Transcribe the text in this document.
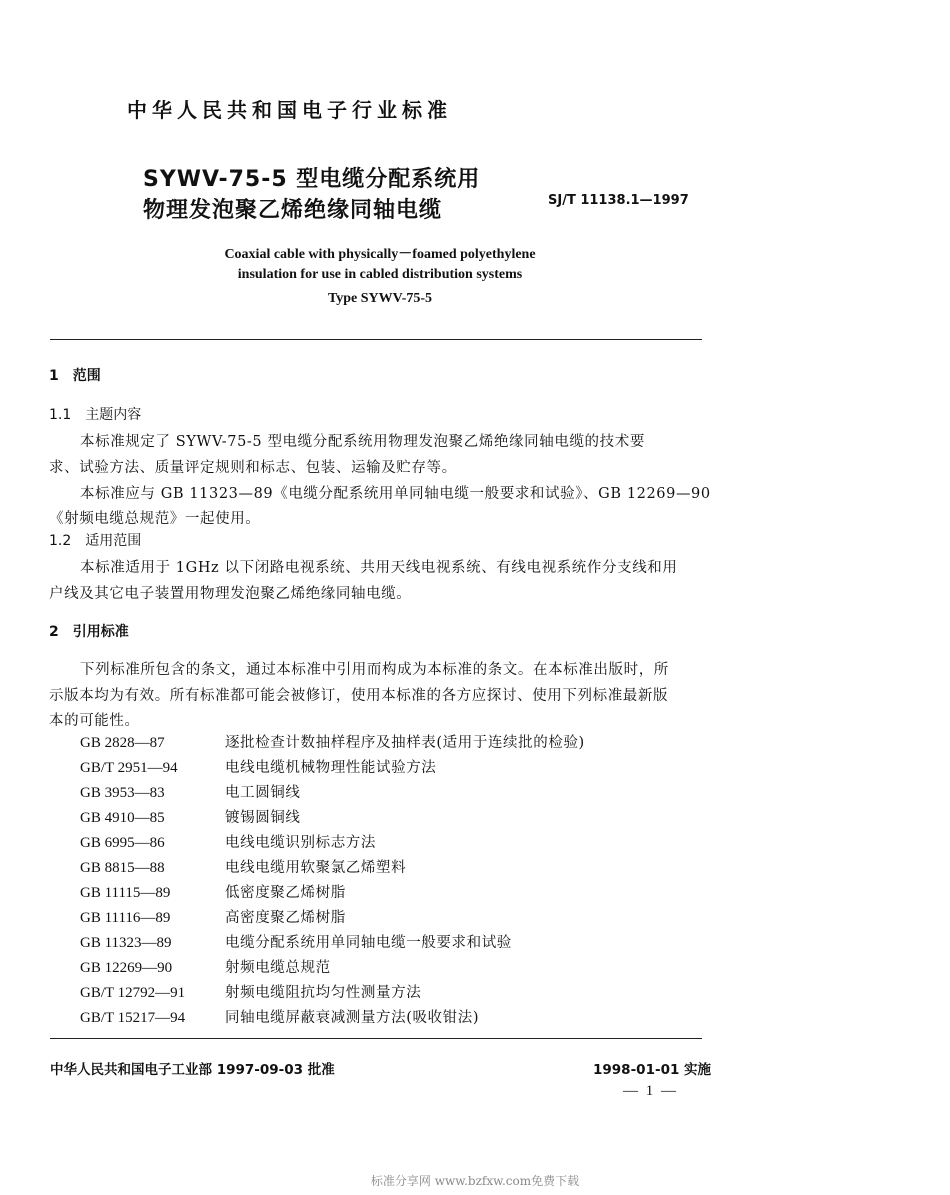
中华人民共和国电子行业标准
SYWV-75-5 型电缆分配系统用
物理发泡聚乙烯绝缘同轴电缆	SJ/T 11138.1—1997
Coaxial cable with physically－foamed polyethylene
insulation for use in cabled distribution systems
Type SYWV-75-5
1　范围
1.1　主题内容
本标准规定了 SYWV-75-5 型电缆分配系统用物理发泡聚乙烯绝缘同轴电缆的技术要
求、试验方法、质量评定规则和标志、包装、运输及贮存等。
本标准应与 GB 11323—89《电缆分配系统用单同轴电缆一般要求和试验》、GB 12269—90
《射频电缆总规范》一起使用。
1.2　适用范围
本标准适用于 1GHz 以下闭路电视系统、共用天线电视系统、有线电视系统作分支线和用
户线及其它电子装置用物理发泡聚乙烯绝缘同轴电缆。
2　引用标准
下列标准所包含的条文，通过本标准中引用而构成为本标准的条文。在本标准出版时，所
示版本均为有效。所有标准都可能会被修订，使用本标准的各方应探讨、使用下列标准最新版
本的可能性。
GB 2828—87	逐批检查计数抽样程序及抽样表(适用于连续批的检验)
GB/T 2951—94	电线电缆机械物理性能试验方法
GB 3953—83	电工圆铜线
GB 4910—85	镀锡圆铜线
GB 6995—86	电线电缆识别标志方法
GB 8815—88	电线电缆用软聚氯乙烯塑料
GB 11115—89	低密度聚乙烯树脂
GB 11116—89	高密度聚乙烯树脂
GB 11323—89	电缆分配系统用单同轴电缆一般要求和试验
GB 12269—90	射频电缆总规范
GB/T 12792—91	射频电缆阻抗均匀性测量方法
GB/T 15217—94	同轴电缆屏蔽衰减测量方法(吸收钳法)
中华人民共和国电子工业部 1997-09-03 批准	1998-01-01 实施
— 1 —
标准分享网 www.bzfxw.com免费下载
